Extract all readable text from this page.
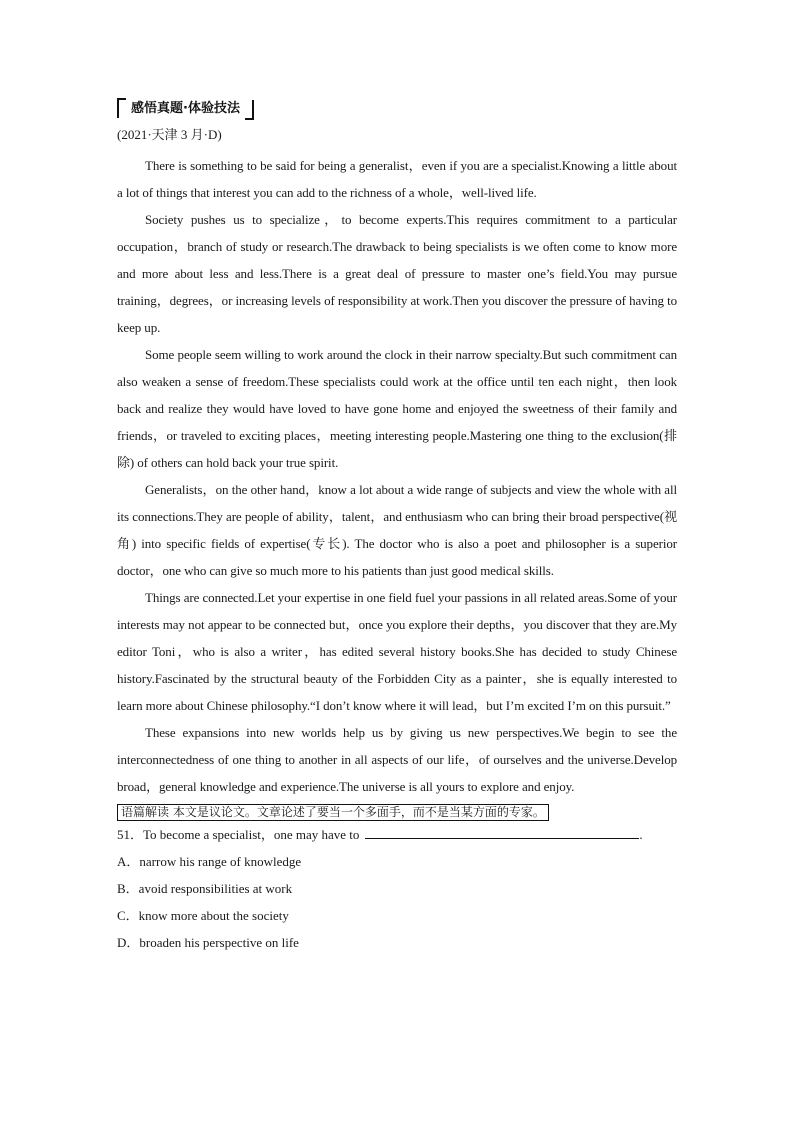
感悟真题·体验技法
(2021·天津 3 月·D)

There is something to be said for being a generalist，even if you are a specialist.Knowing a little about a lot of things that interest you can add to the richness of a whole，well-lived life.

Society pushes us to specialize，to become experts.This requires commitment to a particular occupation，branch of study or research.The drawback to being specialists is we often come to know more and more about less and less.There is a great deal of pressure to master one’s field.You may pursue training，degrees，or increasing levels of responsibility at work.Then you discover the pressure of having to keep up.

Some people seem willing to work around the clock in their narrow specialty.But such commitment can also weaken a sense of freedom.These specialists could work at the office until ten each night，then look back and realize they would have loved to have gone home and enjoyed the sweetness of their family and friends，or traveled to exciting places，meeting interesting people.Mastering one thing to the exclusion(排除) of others can hold back your true spirit.

Generalists，on the other hand，know a lot about a wide range of subjects and view the whole with all its connections.They are people of ability，talent，and enthusiasm who can bring their broad perspective(视角) into specific fields of expertise(专长). The doctor who is also a poet and philosopher is a superior doctor，one who can give so much more to his patients than just good medical skills.

Things are connected.Let your expertise in one field fuel your passions in all related areas.Some of your interests may not appear to be connected but，once you explore their depths，you discover that they are.My editor Toni，who is also a writer，has edited several history books.She has decided to study Chinese history.Fascinated by the structural beauty of the Forbidden City as a painter，she is equally interested to learn more about Chinese philosophy.“I don’t know where it will lead，but I’m excited I’m on this pursuit.”

These expansions into new worlds help us by giving us new perspectives.We begin to see the interconnectedness of one thing to another in all aspects of our life，of ourselves and the universe.Develop broad，general knowledge and experience.The universe is all yours to explore and enjoy.

语篇解读 本文是议论文。文章论述了要当一个多面手，而不是当某方面的专家。
51．To become a specialist，one may have to	.
A．narrow his range of knowledge
B．avoid responsibilities at work
C．know more about the society
D．broaden his perspective on life
